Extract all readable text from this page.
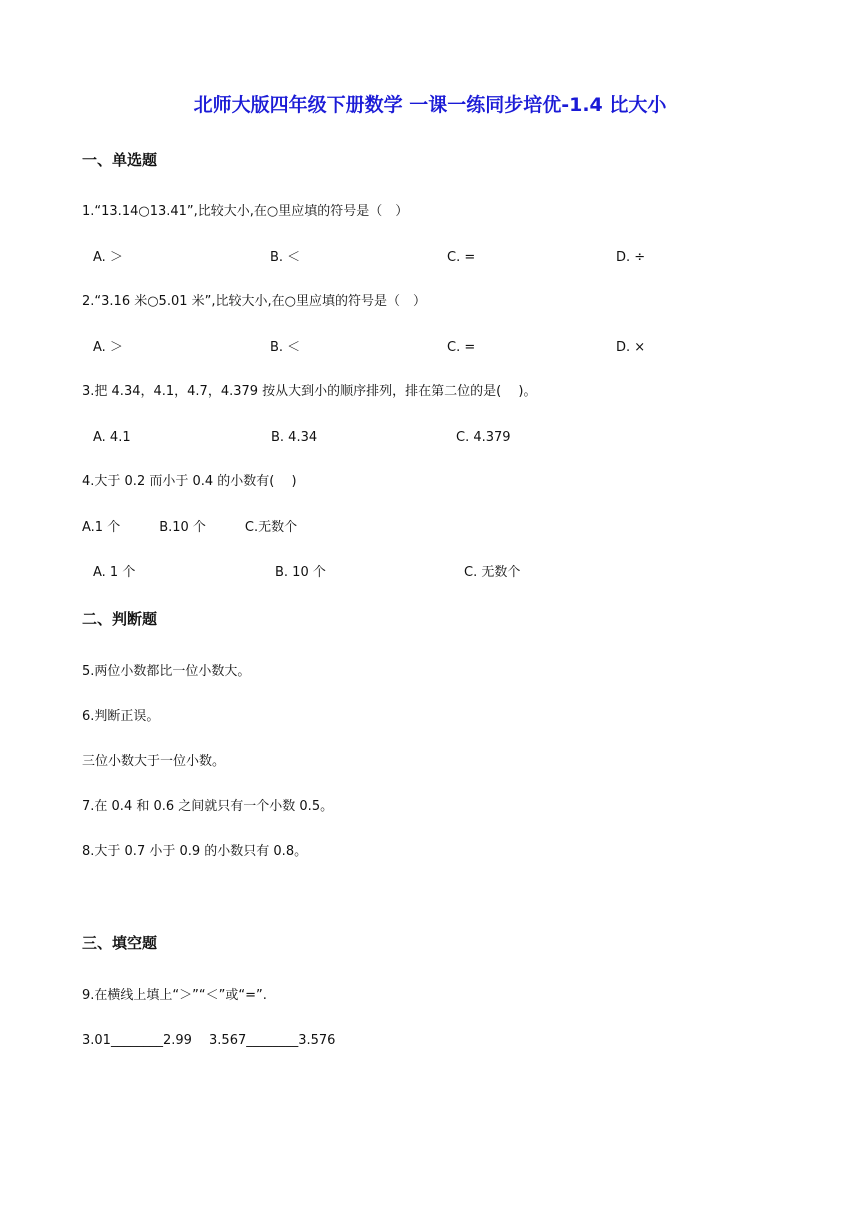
北师大版四年级下册数学 一课一练同步培优-1.4 比大小
一、单选题
1.“13.14○13.41”,比较大小,在○里应填的符号是（　）
A. ＞	B. ＜	C. =	D. ÷
2.“3.16 米○5.01 米”,比较大小,在○里应填的符号是（　）
A. ＞	B. ＜	C. =	D. ×
3.把 4.34，4.1，4.7，4.379 按从大到小的顺序排列，排在第二位的是(　 )。
A. 4.1	B. 4.34	C. 4.379
4.大于 0.2 而小于 0.4 的小数有(　 )
A.1 个　　　B.10 个　　　C.无数个
A. 1 个	B. 10 个	C. 无数个
二、判断题
5.两位小数都比一位小数大。
6.判断正误。
三位小数大于一位小数。
7.在 0.4 和 0.6 之间就只有一个小数 0.5。
8.大于 0.7 小于 0.9 的小数只有 0.8。
三、填空题
9.在横线上填上“＞”“＜”或“=”.
3.01________2.99　 3.567________3.576
